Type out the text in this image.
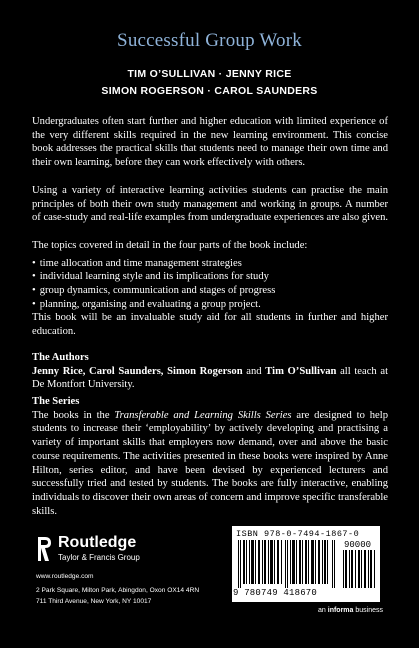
Successful Group Work
TIM O’SULLIVAN · JENNY RICE
SIMON ROGERSON · CAROL SAUNDERS

Undergraduates often start further and higher education with limited experience of the very different skills required in the new learning environment. This concise book addresses the practical skills that students need to manage their own time and their own learning, before they can work effectively with others.

Using a variety of interactive learning activities students can practise the main principles of both their own study management and working in groups. A number of case-study and real-life examples from undergraduate experiences are also given.

The topics covered in detail in the four parts of the book include:

• time allocation and time management strategies
• individual learning style and its implications for study
• group dynamics, communication and stages of progress
• planning, organising and evaluating a group project.

This book will be an invaluable study aid for all students in further and higher education.

The Authors

Jenny Rice, Carol Saunders, Simon Rogerson and Tim O’Sullivan all teach at De Montfort University.

The Series

The books in the Transferable and Learning Skills Series are designed to help students to increase their ‘employability’ by actively developing and practising a variety of important skills that employers now demand, over and above the basic course requirements. The activities presented in these books were inspired by Anne Hilton, series editor, and have been devised by experienced lecturers and successfully tried and tested by students. The books are fully interactive, enabling individuals to discover their own areas of concern and improve specific transferable skills.

Routledge
Taylor & Francis Group
www.routledge.com
2 Park Square, Milton Park, Abingdon, Oxon OX14 4RN
711 Third Avenue, New York, NY 10017
ISBN 978-0-7494-1867-0
90000
9 780749 418670
an informa business
